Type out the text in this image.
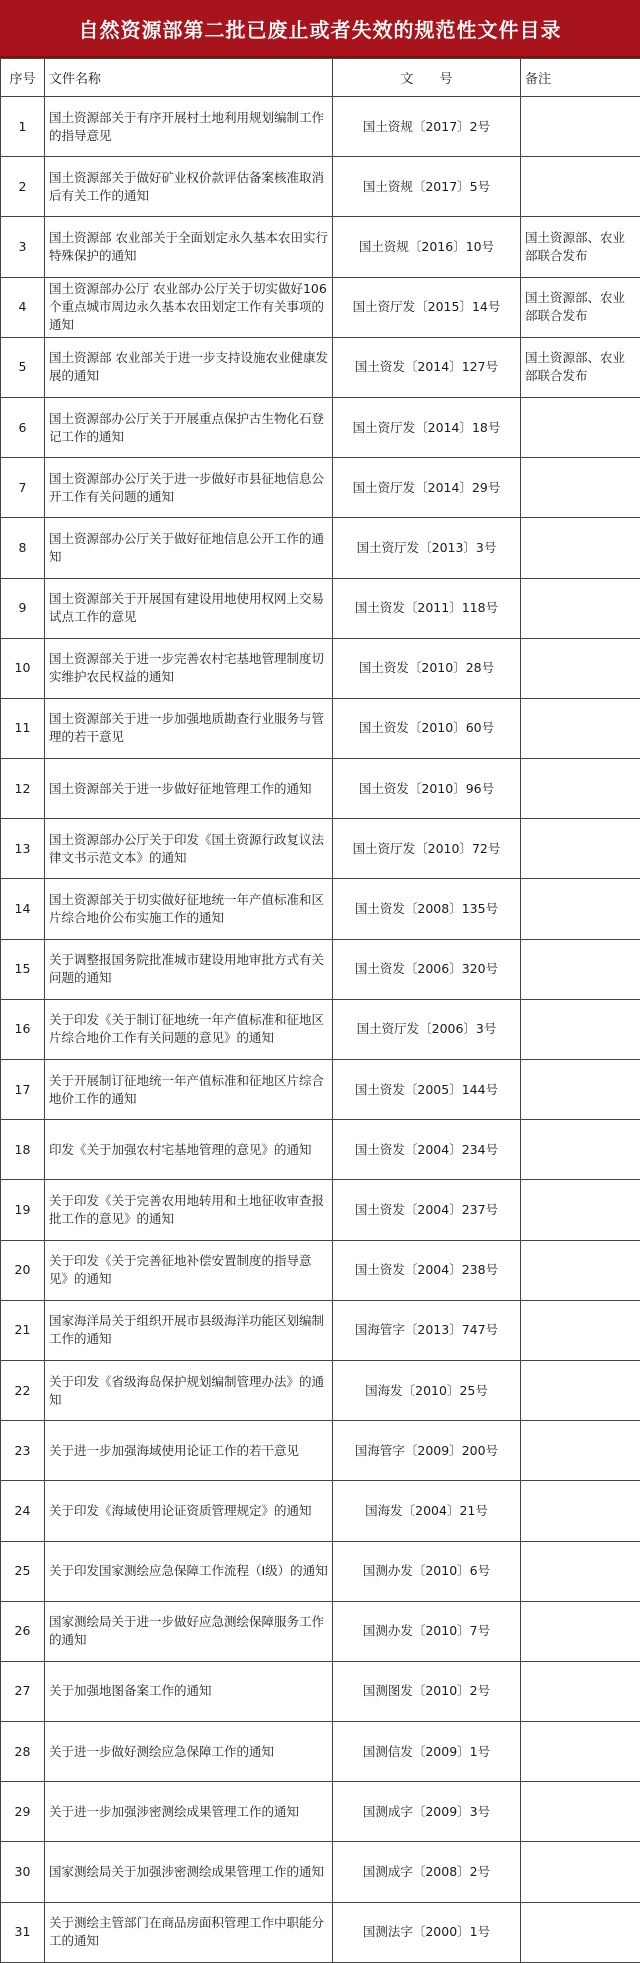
自然资源部第二批已废止或者失效的规范性文件目录
序号	文件名称	文　　号	备注
1	国土资源部关于有序开展村土地利用规划编制工作的指导意见	国土资规〔2017〕2号	
2	国土资源部关于做好矿业权价款评估备案核准取消后有关工作的通知	国土资规〔2017〕5号	
3	国土资源部 农业部关于全面划定永久基本农田实行特殊保护的通知	国土资规〔2016〕10号	国土资源部、农业部联合发布
4	国土资源部办公厅 农业部办公厅关于切实做好106个重点城市周边永久基本农田划定工作有关事项的通知	国土资厅发〔2015〕14号	国土资源部、农业部联合发布
5	国土资源部 农业部关于进一步支持设施农业健康发展的通知	国土资发〔2014〕127号	国土资源部、农业部联合发布
6	国土资源部办公厅关于开展重点保护古生物化石登记工作的通知	国土资厅发〔2014〕18号	
7	国土资源部办公厅关于进一步做好市县征地信息公开工作有关问题的通知	国土资厅发〔2014〕29号	
8	国土资源部办公厅关于做好征地信息公开工作的通知	国土资厅发〔2013〕3号	
9	国土资源部关于开展国有建设用地使用权网上交易试点工作的意见	国土资发〔2011〕118号	
10	国土资源部关于进一步完善农村宅基地管理制度切实维护农民权益的通知	国土资发〔2010〕28号	
11	国土资源部关于进一步加强地质勘查行业服务与管理的若干意见	国土资发〔2010〕60号	
12	国土资源部关于进一步做好征地管理工作的通知	国土资发〔2010〕96号	
13	国土资源部办公厅关于印发《国土资源行政复议法律文书示范文本》的通知	国土资厅发〔2010〕72号	
14	国土资源部关于切实做好征地统一年产值标准和区片综合地价公布实施工作的通知	国土资发〔2008〕135号	
15	关于调整报国务院批准城市建设用地审批方式有关问题的通知	国土资发〔2006〕320号	
16	关于印发《关于制订征地统一年产值标准和征地区片综合地价工作有关问题的意见》的通知	国土资厅发〔2006〕3号	
17	关于开展制订征地统一年产值标准和征地区片综合地价工作的通知	国土资发〔2005〕144号	
18	印发《关于加强农村宅基地管理的意见》的通知	国土资发〔2004〕234号	
19	关于印发《关于完善农用地转用和土地征收审查报批工作的意见》的通知	国土资发〔2004〕237号	
20	关于印发《关于完善征地补偿安置制度的指导意见》的通知	国土资发〔2004〕238号	
21	国家海洋局关于组织开展市县级海洋功能区划编制工作的通知	国海管字〔2013〕747号	
22	关于印发《省级海岛保护规划编制管理办法》的通知	国海发〔2010〕25号	
23	关于进一步加强海域使用论证工作的若干意见	国海管字〔2009〕200号	
24	关于印发《海域使用论证资质管理规定》的通知	国海发〔2004〕21号	
25	关于印发国家测绘应急保障工作流程（Ⅰ级）的通知	国测办发〔2010〕6号	
26	国家测绘局关于进一步做好应急测绘保障服务工作的通知	国测办发〔2010〕7号	
27	关于加强地图备案工作的通知	国测图发〔2010〕2号	
28	关于进一步做好测绘应急保障工作的通知	国测信发〔2009〕1号	
29	关于进一步加强涉密测绘成果管理工作的通知	国测成字〔2009〕3号	
30	国家测绘局关于加强涉密测绘成果管理工作的通知	国测成字〔2008〕2号	
31	关于测绘主管部门在商品房面积管理工作中职能分工的通知	国测法字〔2000〕1号	
